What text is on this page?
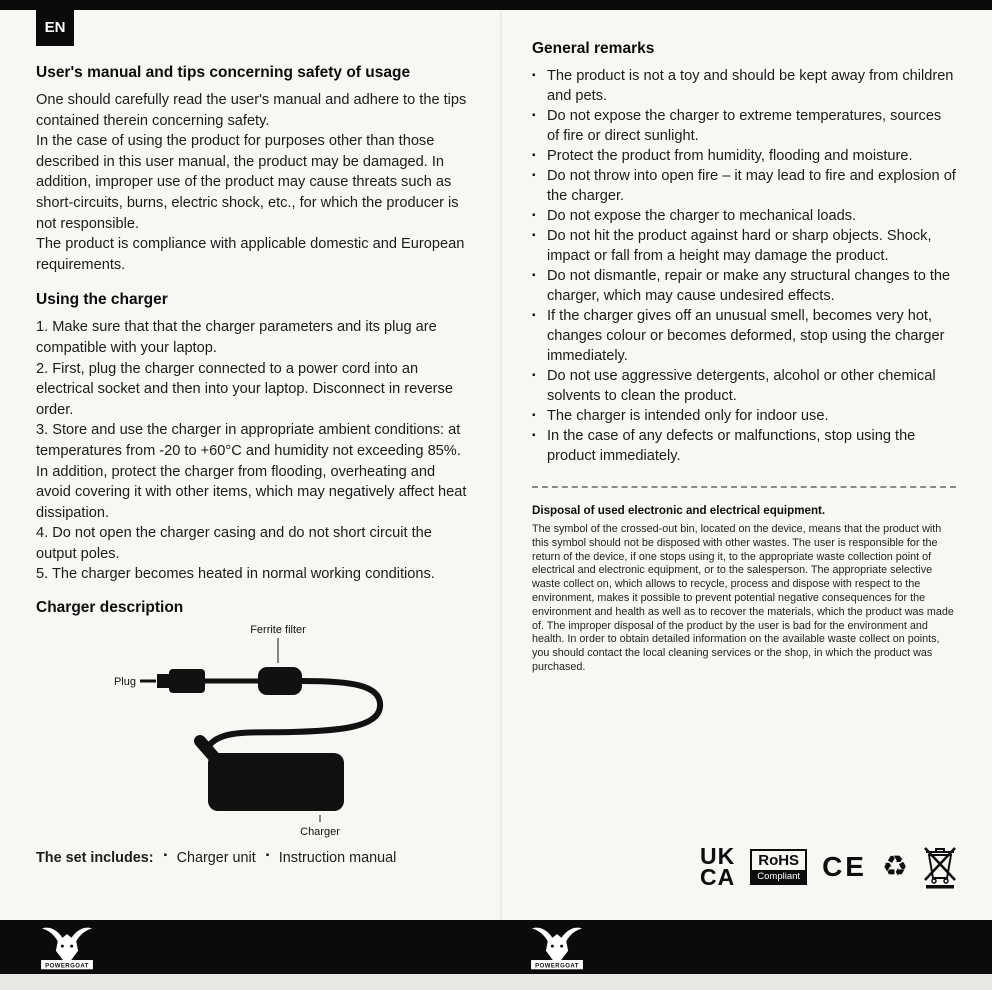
EN
User's manual and tips concerning safety of usage
One should carefully read the user's manual and adhere to the tips contained therein concerning safety.
In the case of using the product for purposes other than those described in this user manual, the product may be damaged. In addition, improper use of the product may cause threats such as short-circuits, burns, electric shock, etc., for which the producer is not responsible.
The product is compliance with applicable domestic and European requirements.
Using the charger
1. Make sure that that the charger parameters and its plug are compatible with your laptop.
2. First, plug the charger connected to a power cord into an electrical socket and then into your laptop. Disconnect in reverse order.
3. Store and use the charger in appropriate ambient conditions: at temperatures from -20 to +60°C and humidity not exceeding 85%. In addition, protect the charger from flooding, overheating and avoid covering it with other items, which may negatively affect heat dissipation.
4. Do not open the charger casing and do not short circuit the output poles.
5. The charger becomes heated in normal working conditions.
Charger description
Ferrite filter
Plug
Charger
The set includes:	▪ Charger unit	▪ Instruction manual
General remarks
▪ The product is not a toy and should be kept away from children and pets.
▪ Do not expose the charger to extreme temperatures, sources of fire or direct sunlight.
▪ Protect the product from humidity, flooding and moisture.
▪ Do not throw into open fire – it may lead to fire and explosion of the charger.
▪ Do not expose the charger to mechanical loads.
▪ Do not hit the product against hard or sharp objects. Shock, impact or fall from a height may damage the product.
▪ Do not dismantle, repair or make any structural changes to the charger, which may cause undesired effects.
▪ If the charger gives off an unusual smell, becomes very hot, changes colour or becomes deformed, stop using the charger immediately.
▪ Do not use aggressive detergents, alcohol or other chemical solvents to clean the product.
▪ The charger is intended only for indoor use.
▪ In the case of any defects or malfunctions, stop using the product immediately.
Disposal of used electronic and electrical equipment.
The symbol of the crossed-out bin, located on the device, means that the product with this symbol should not be disposed with other wastes. The user is responsible for the return of the device, if one stops using it, to the appropriate waste collection point of electrical and electronic equipment, or to the salesperson. The appropriate selective waste collect on, which allows to recycle, process and dispose with respect to the environment, makes it possible to prevent potential negative consequences for the environment and health as well as to recover the materials, which the product was made of. The improper disposal of the product by the user is bad for the environment and health. In order to obtain detailed information on the available waste collect on points, you should contact the local cleaning services or the shop, in which the product was purchased.
UK
CA
RoHS
Compliant CE ♻
POWERGOAT	POWERGOAT
